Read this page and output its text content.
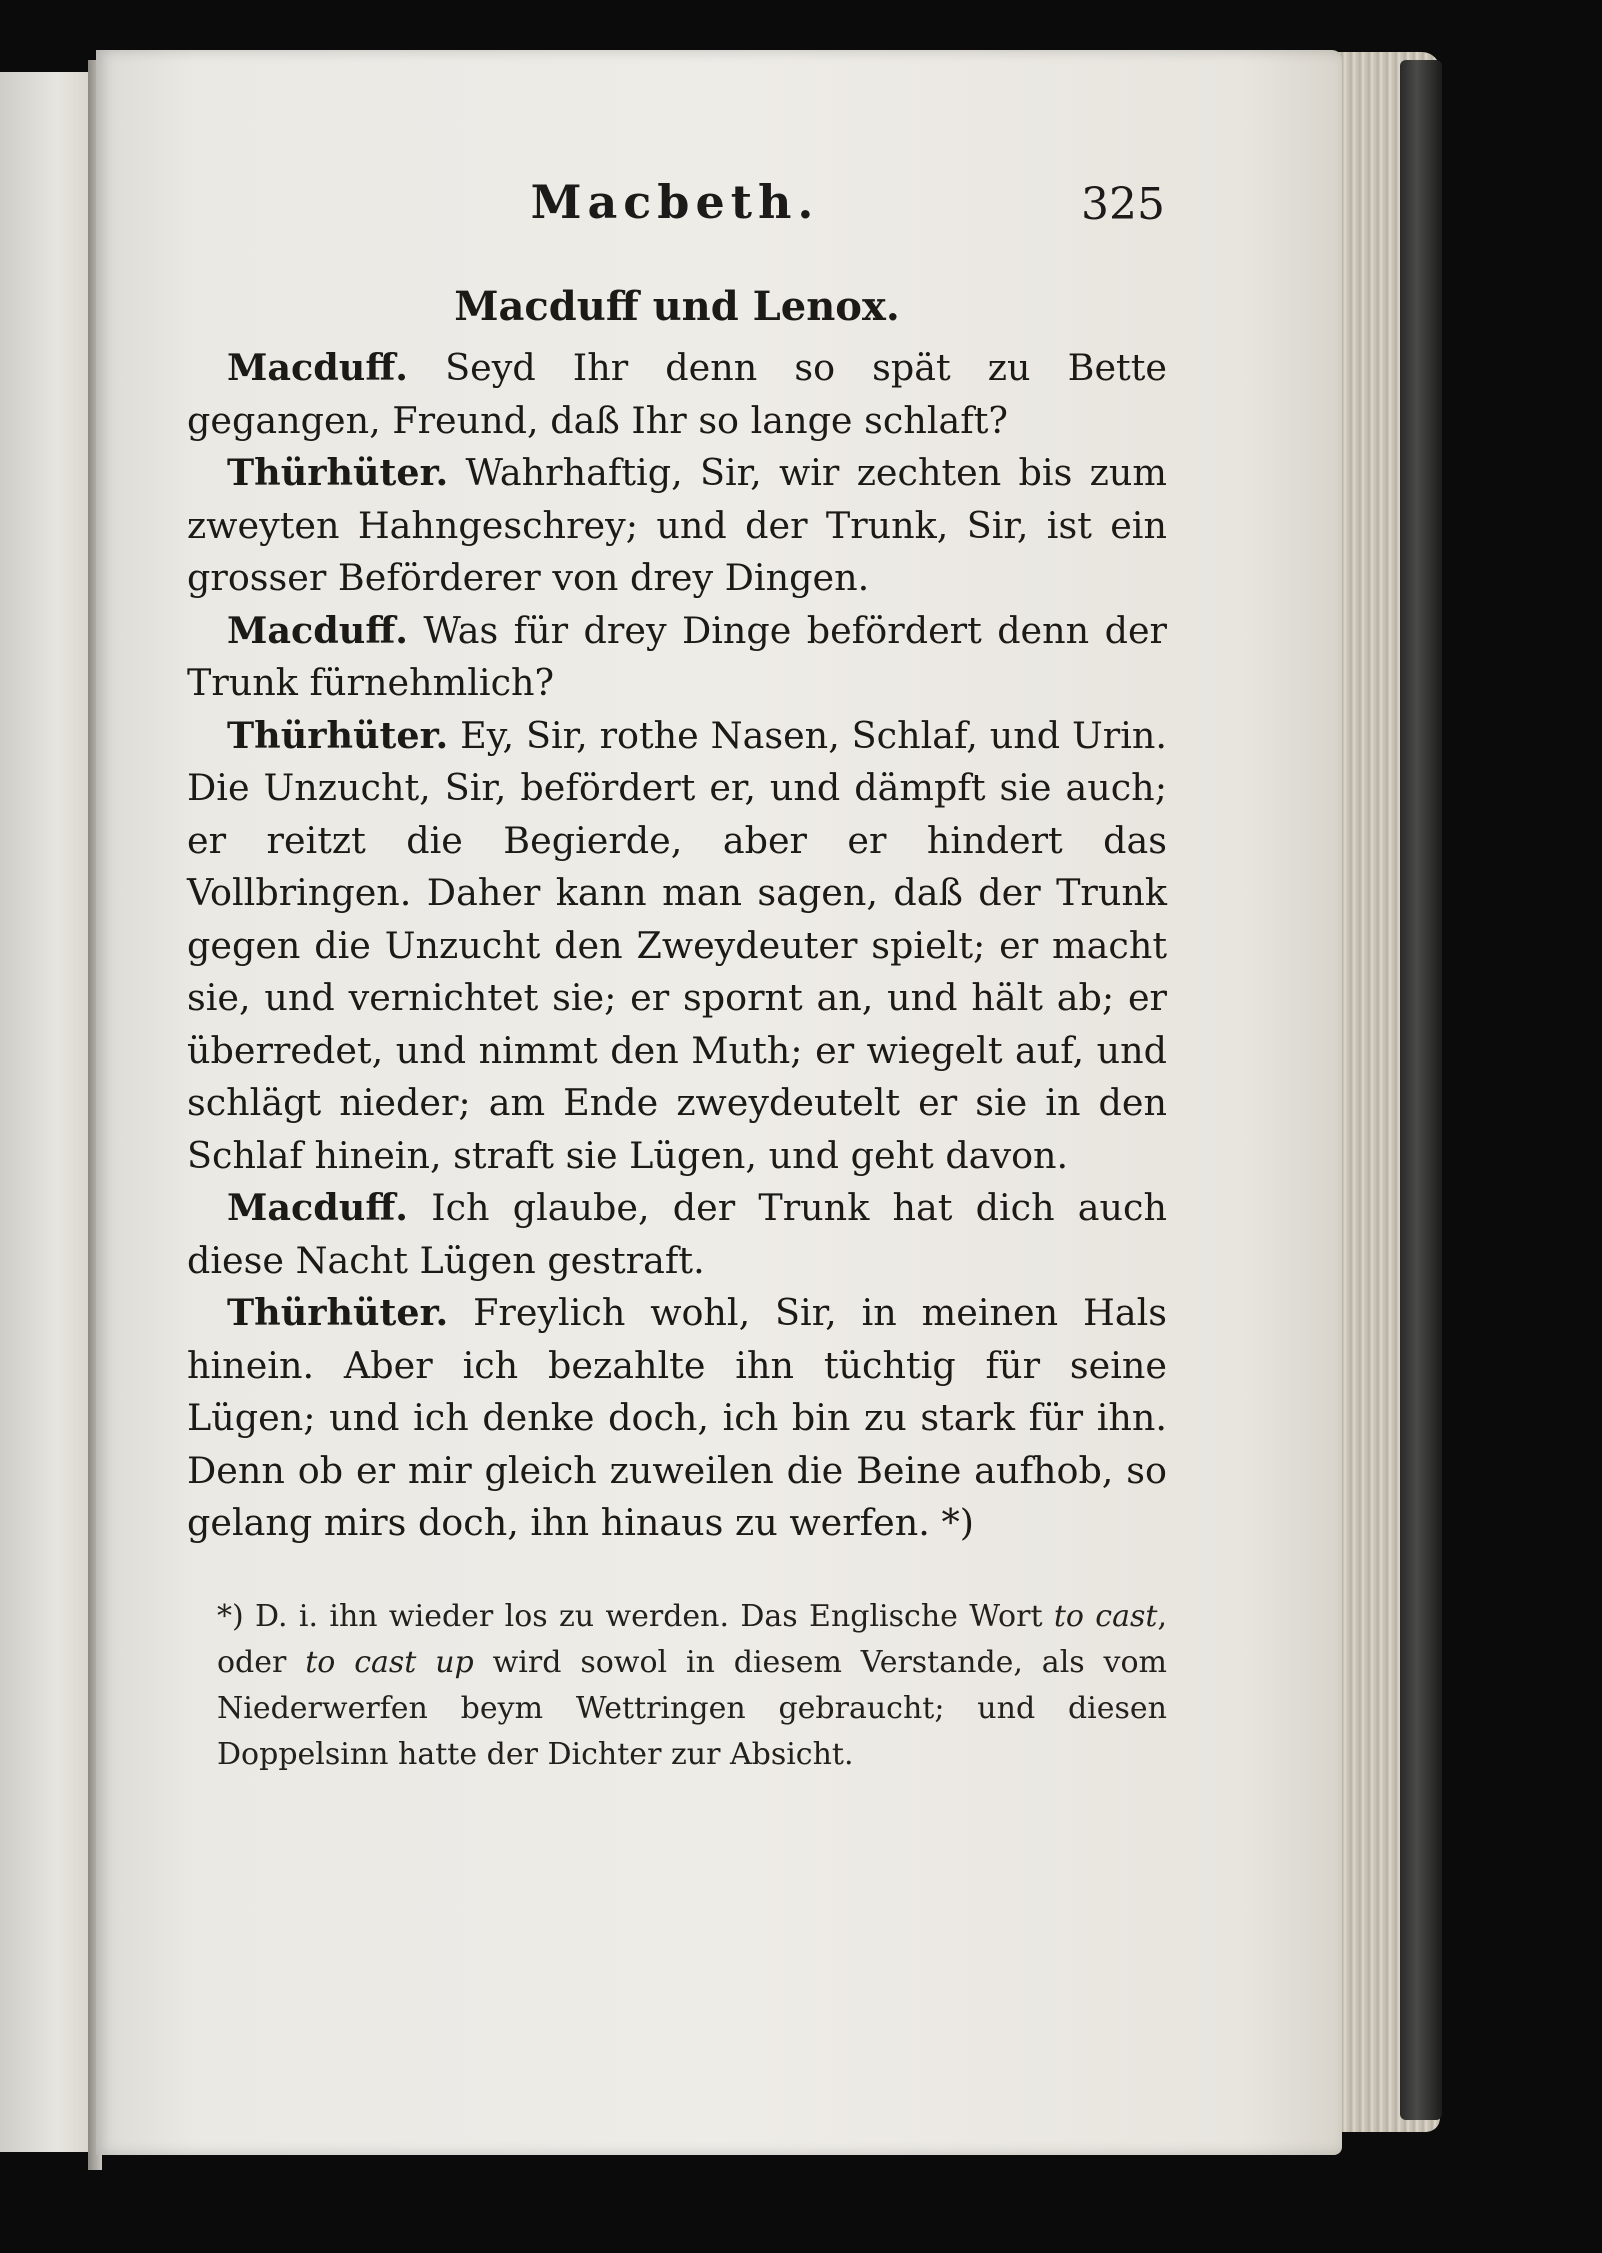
Macbeth.	325
Macduff und Lenox.

Macduff. Seyd Ihr denn so spät zu Bette gegangen, Freund, daß Ihr so lange schlaft?

Thürhüter. Wahrhaftig, Sir, wir zechten bis zum zweyten Hahngeschrey; und der Trunk, Sir, ist ein grosser Beförderer von drey Dingen.

Macduff. Was für drey Dinge befördert denn der Trunk fürnehmlich?

Thürhüter. Ey, Sir, rothe Nasen, Schlaf, und Urin. Die Unzucht, Sir, befördert er, und dämpft sie auch; er reitzt die Begierde, aber er hindert das Vollbringen. Daher kann man sagen, daß der Trunk gegen die Unzucht den Zweydeuter spielt; er macht sie, und vernichtet sie; er spornt an, und hält ab; er überredet, und nimmt den Muth; er wiegelt auf, und schlägt nieder; am Ende zweydeutelt er sie in den Schlaf hinein, straft sie Lügen, und geht davon.

Macduff. Ich glaube, der Trunk hat dich auch diese Nacht Lügen gestraft.

Thürhüter. Freylich wohl, Sir, in meinen Hals hinein. Aber ich bezahlte ihn tüchtig für seine Lügen; und ich denke doch, ich bin zu stark für ihn. Denn ob er mir gleich zuweilen die Beine aufhob, so gelang mirs doch, ihn hinaus zu werfen. *)

*) D. i. ihn wieder los zu werden. Das Englische Wort to cast, oder to cast up wird sowol in diesem Verstande, als vom Niederwerfen beym Wettringen gebraucht; und diesen Doppelsinn hatte der Dichter zur Absicht.
